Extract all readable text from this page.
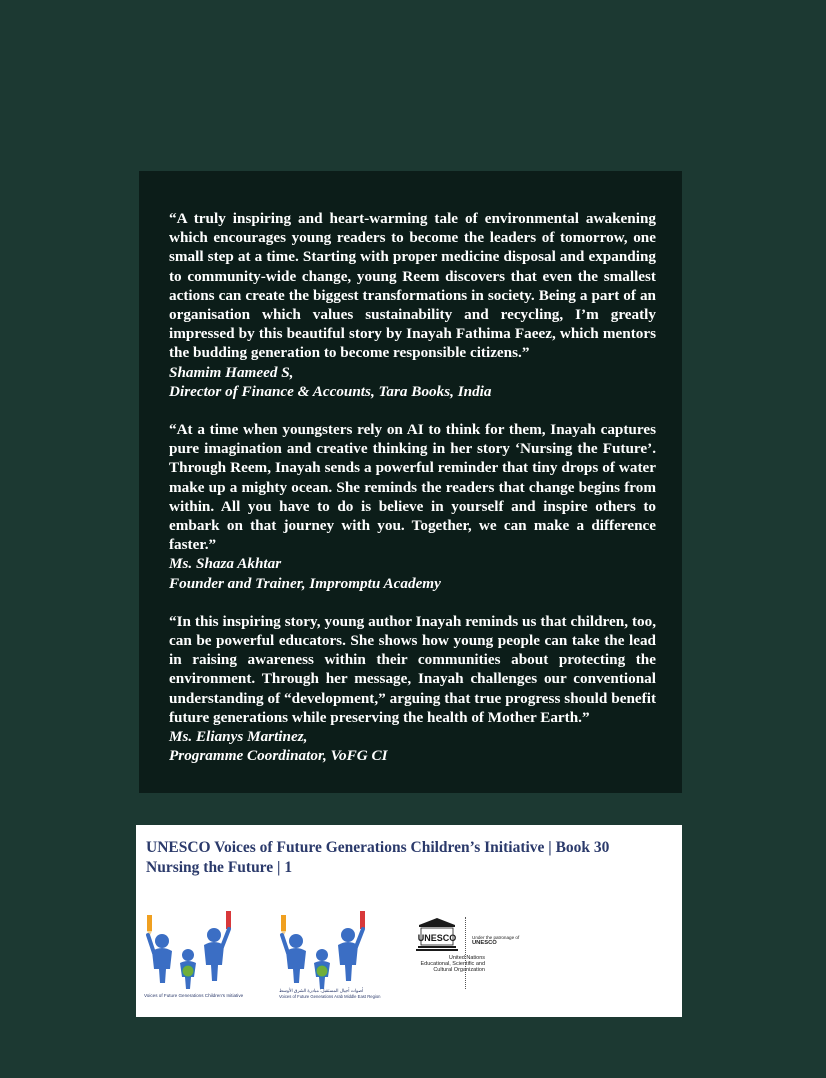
“A truly inspiring and heart-warming tale of environmental awakening which encourages young readers to become the leaders of tomorrow, one small step at a time. Starting with proper medicine disposal and expanding to community-wide change, young Reem discovers that even the smallest actions can create the biggest transformations in society. Being a part of an organisation which values sustainability and recycling, I’m greatly impressed by this beautiful story by Inayah Fathima Faeez, which mentors the budding generation to become responsible citizens.”

Shamim Hameed S,

Director of Finance & Accounts, Tara Books, India

“At a time when youngsters rely on AI to think for them, Inayah captures pure imagination and creative thinking in her story ‘Nursing the Future’. Through Reem, Inayah sends a powerful reminder that tiny drops of water make up a mighty ocean. She reminds the readers that change begins from within. All you have to do is believe in yourself and inspire others to embark on that journey with you. Together, we can make a difference faster.”

Ms. Shaza Akhtar

Founder and Trainer, Impromptu Academy

“In this inspiring story, young author Inayah reminds us that children, too, can be powerful educators. She shows how young people can take the lead in raising awareness within their communities about protecting the environment. Through her message, Inayah challenges our conventional understanding of “development,” arguing that true progress should benefit future generations while preserving the health of Mother Earth.”

Ms. Elianys Martinez,

Programme Coordinator, VoFG CI

UNESCO Voices of Future Generations Children’s Initiative | Book 30
Nursing the Future | 1
Voices of Future Generations Children's Initiative
أصوات أجيال المستقبل: مبادرة الشرق الأوسط
Voices of Future Generations Arab Middle East Region
UNESCO
United Nations
Educational, Scientific and
Cultural Organization
Under the patronage of
UNESCO
